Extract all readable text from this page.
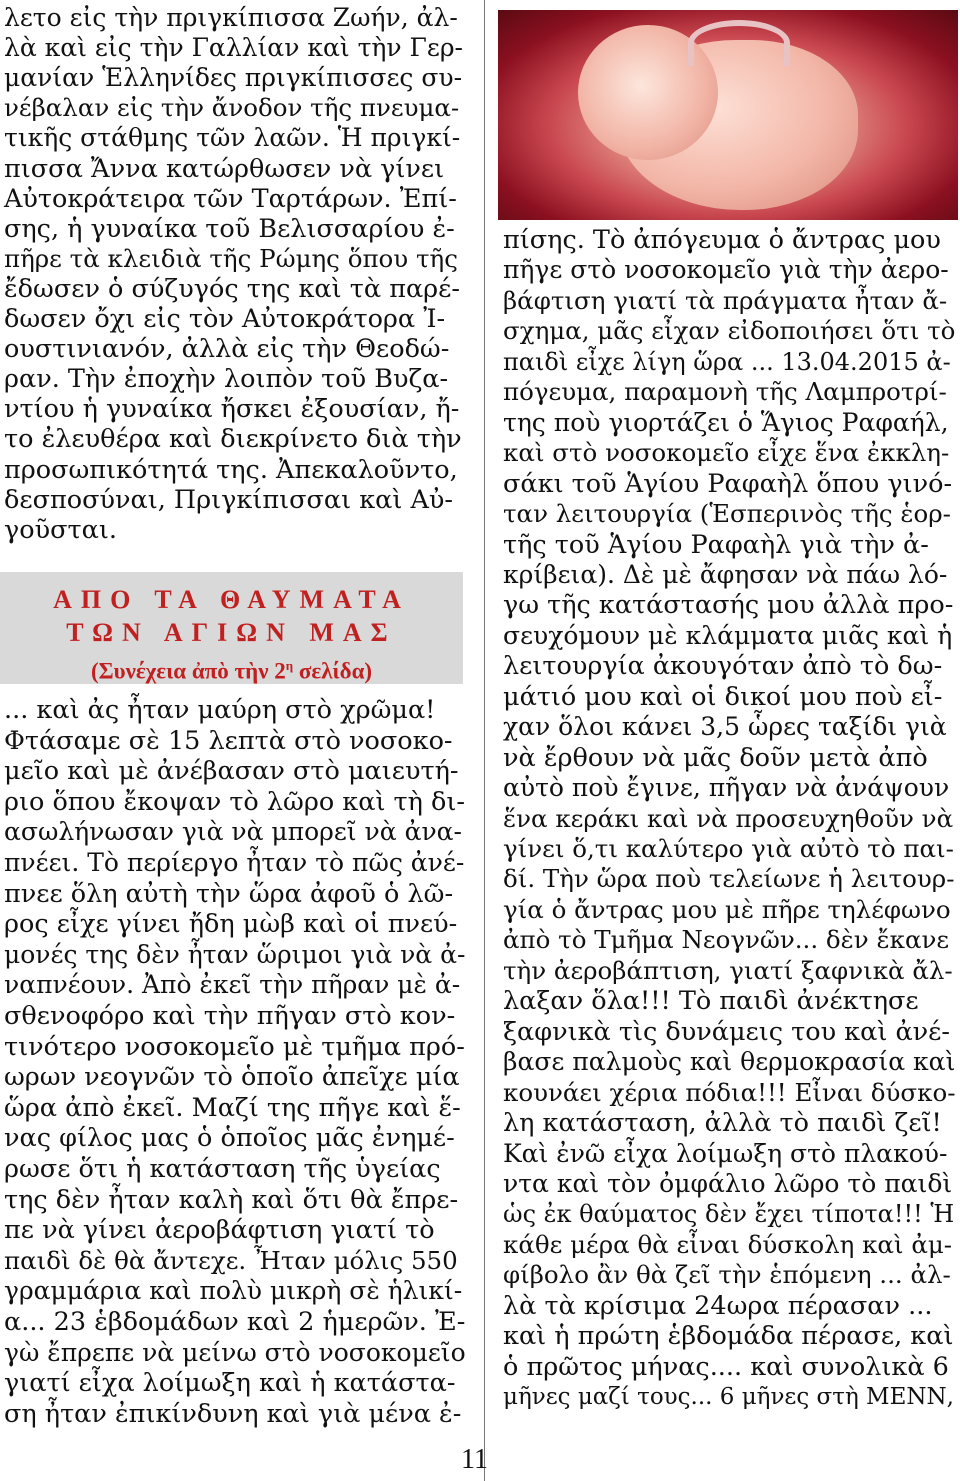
λετο εἰς τὴν πριγκίπισσα Ζωήν, ἀλ-
λὰ καὶ εἰς τὴν Γαλλίαν καὶ τὴν Γερ-
μανίαν Ἑλληνίδες πριγκίπισσες συ-
νέβαλαν εἰς τὴν ἄνοδον τῆς πνευμα-
τικῆς στάθμης τῶν λαῶν. Ἡ πριγκί-
πισσα Ἄννα κατώρθωσεν νὰ γίνει
Αὐτοκράτειρα τῶν Ταρτάρων. Ἐπί-
σης, ἡ γυναίκα τοῦ Βελισσαρίου ἐ-
πῆρε τὰ κλειδιὰ τῆς Ρώμης ὅπου τῆς
ἔδωσεν ὁ σύζυγός της καὶ τὰ παρέ-
δωσεν ὄχι εἰς τὸν Αὐτοκράτορα Ἰ-
ουστινιανόν, ἀλλὰ εἰς τὴν Θεοδώ-
ραν. Τὴν ἐποχὴν λοιπὸν τοῦ Βυζα-
ντίου ἡ γυναίκα ἤσκει ἐξουσίαν, ἤ-
το ἐλευθέρα καὶ διεκρίνετο διὰ τὴν
προσωπικότητά της. Ἀπεκαλοῦντο,
δεσποσύναι, Πριγκίπισσαι καὶ Αὐ-
γοῦσται.
... καὶ ἀς ἦταν μαύρη στὸ χρῶμα!
Φτάσαμε σὲ 15 λεπτὰ στὸ νοσοκο-
μεῖο καὶ μὲ ἀνέβασαν στὸ μαιευτή-
ριο ὅπου ἔκοψαν τὸ λῶρο καὶ τὴ δι-
ασωλήνωσαν γιὰ νὰ μπορεῖ νὰ ἀνα-
πνέει. Τὸ περίεργο ἦταν τὸ πῶς ἀνέ-
πνεε ὅλη αὐτὴ τὴν ὥρα ἀφοῦ ὁ λῶ-
ρος εἶχε γίνει ἤδη μὼβ καὶ οἱ πνεύ-
μονές της δὲν ἦταν ὥριμοι γιὰ νὰ ἀ-
ναπνέουν. Ἀπὸ ἐκεῖ τὴν πῆραν μὲ ἀ-
σθενοφόρο καὶ τὴν πῆγαν στὸ κον-
τινότερο νοσοκομεῖο μὲ τμῆμα πρό-
ωρων νεογνῶν τὸ ὁποῖο ἀπεῖχε μία
ὥρα ἀπὸ ἐκεῖ. Μαζί της πῆγε καὶ ἕ-
νας φίλος μας ὁ ὁποῖος μᾶς ἐνημέ-
ρωσε ὅτι ἡ κατάσταση τῆς ὑγείας
της δὲν ἦταν καλὴ καὶ ὅτι θὰ ἔπρε-
πε νὰ γίνει ἀεροβάφτιση γιατί τὸ
παιδὶ δὲ θὰ ἄντεχε. Ἦταν μόλις 550
γραμμάρια καὶ πολὺ μικρὴ σὲ ἡλικί-
α... 23 ἑβδομάδων καὶ 2 ἡμερῶν. Ἐ-
γὼ ἔπρεπε νὰ μείνω στὸ νοσοκομεῖο
γιατί εἶχα λοίμωξη καὶ ἡ κατάστα-
ση ἦταν ἐπικίνδυνη καὶ γιὰ μένα ἐ-
ΑΠΟ ΤΑ ΘΑΥΜΑΤΑ
ΤΩΝ ΑΓΙΩΝ ΜΑΣ
(Συνέχεια ἀπὸ τὴν $2^\eta$ σελίδα)
πίσης. Τὸ ἀπόγευμα ὁ ἄντρας μου
πῆγε στὸ νοσοκομεῖο γιὰ τὴν ἀερο-
βάφτιση γιατί τὰ πράγματα ἦταν ἄ-
σχημα, μᾶς εἶχαν εἰδοποιήσει ὅτι τὸ
παιδὶ εἶχε λίγη ὥρα ... 13.04.2015 ἀ-
πόγευμα, παραμονὴ τῆς Λαμπροτρί-
της ποὺ γιορτάζει ὁ Ἅγιος Ραφαήλ,
καὶ στὸ νοσοκομεῖο εἶχε ἕνα ἐκκλη-
σάκι τοῦ Ἁγίου Ραφαὴλ ὅπου γινό-
ταν λειτουργία (Ἑσπερινὸς τῆς ἑορ-
τῆς τοῦ Ἁγίου Ραφαὴλ γιὰ τὴν ἀ-
κρίβεια). Δὲ μὲ ἄφησαν νὰ πάω λό-
γω τῆς κατάστασής μου ἀλλὰ προ-
σευχόμουν μὲ κλάμματα μιᾶς καὶ ἡ
λειτουργία ἀκουγόταν ἀπὸ τὸ δω-
μάτιό μου καὶ οἱ δικοί μου ποὺ εἶ-
χαν ὅλοι κάνει 3,5 ὧρες ταξίδι γιὰ
νὰ ἔρθουν νὰ μᾶς δοῦν μετὰ ἀπὸ
αὐτὸ ποὺ ἔγινε, πῆγαν νὰ ἀνάψουν
ἕνα κεράκι καὶ νὰ προσευχηθοῦν νὰ
γίνει ὅ,τι καλύτερο γιὰ αὐτὸ τὸ παι-
δί. Τὴν ὥρα ποὺ τελείωνε ἡ λειτουρ-
γία ὁ ἄντρας μου μὲ πῆρε τηλέφωνο
ἀπὸ τὸ Τμῆμα Νεογνῶν... δὲν ἔκανε
τὴν ἀεροβάπτιση, γιατί ξαφνικὰ ἄλ-
λαξαν ὅλα!!! Τὸ παιδὶ ἀνέκτησε
ξαφνικὰ τὶς δυνάμεις του καὶ ἀνέ-
βασε παλμοὺς καὶ θερμοκρασία καὶ
κουνάει χέρια πόδια!!! Εἶναι δύσκο-
λη κατάσταση, ἀλλὰ τὸ παιδὶ ζεῖ!
Καὶ ἐνῶ εἶχα λοίμωξη στὸ πλακού-
ντα καὶ τὸν ὀμφάλιο λῶρο τὸ παιδὶ
ὡς ἐκ θαύματος δὲν ἔχει τίποτα!!! Ἡ
κάθε μέρα θὰ εἶναι δύσκολη καὶ ἀμ-
φίβολο ἂν θὰ ζεῖ τὴν ἑπόμενη ... ἀλ-
λὰ τὰ κρίσιμα 24ωρα πέρασαν ...
καὶ ἡ πρώτη ἑβδομάδα πέρασε, καὶ
ὁ πρῶτος μήνας.... καὶ συνολικὰ 6
μῆνες μαζί τους... 6 μῆνες στὴ ΜΕΝΝ,
11
